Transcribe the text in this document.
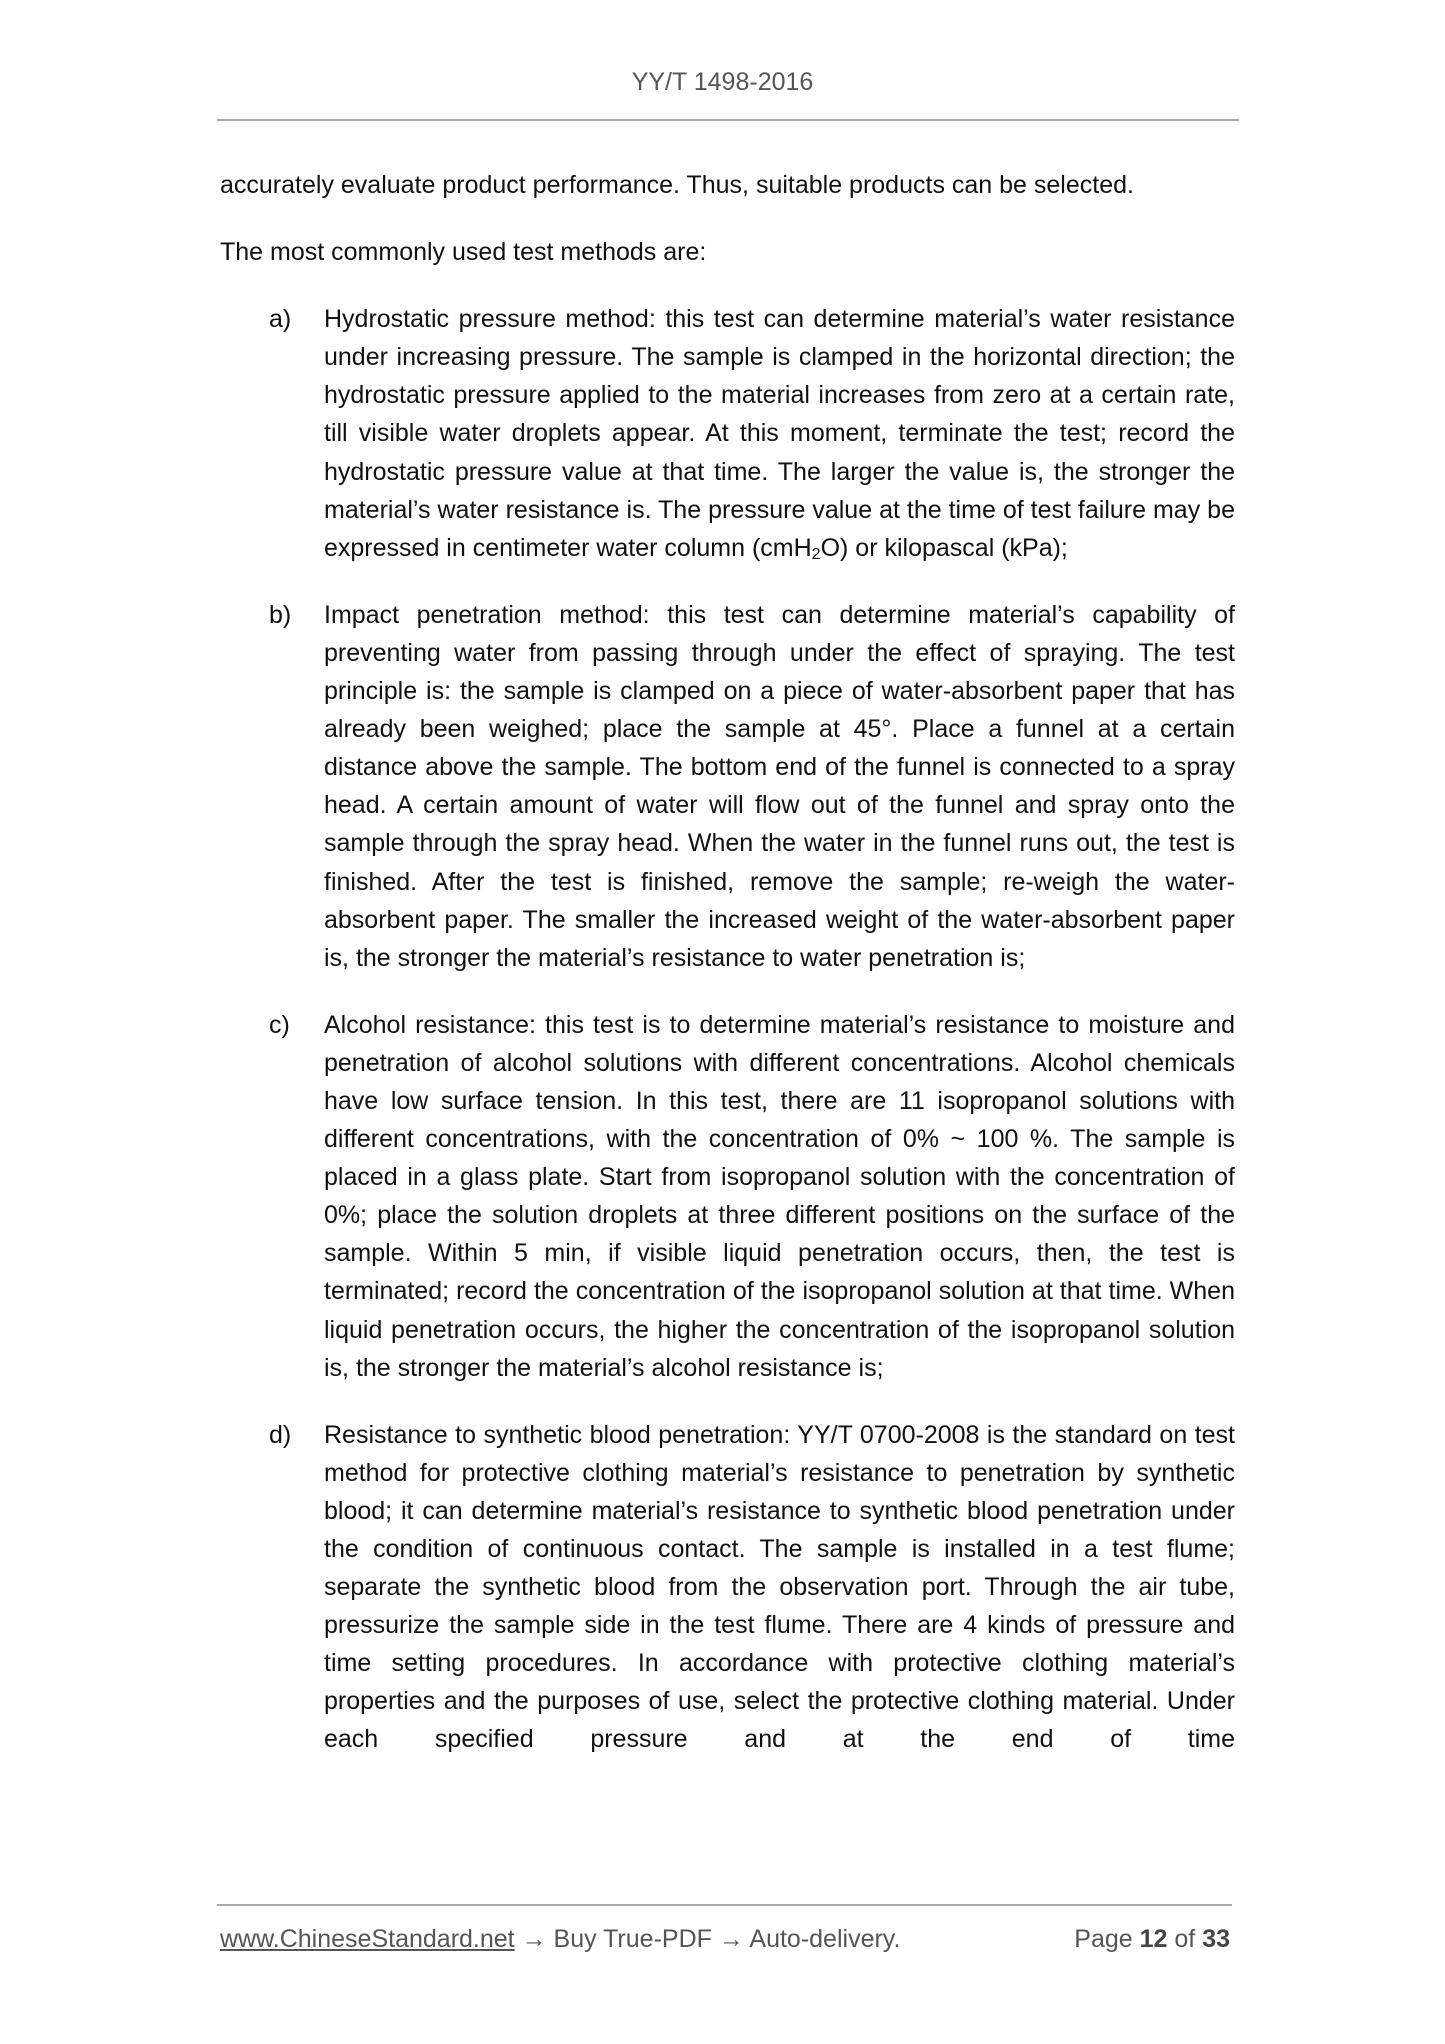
YY/T 1498-2016

accurately evaluate product performance. Thus, suitable products can be selected.

The most commonly used test methods are:

a) Hydrostatic pressure method: this test can determine material’s water resistance under increasing pressure. The sample is clamped in the horizontal direction; the hydrostatic pressure applied to the material increases from zero at a certain rate, till visible water droplets appear. At this moment, terminate the test; record the hydrostatic pressure value at that time. The larger the value is, the stronger the material’s water resistance is. The pressure value at the time of test failure may be expressed in centimeter water column (cmH$_2$O) or kilopascal (kPa);
b) Impact penetration method: this test can determine material’s capability of preventing water from passing through under the effect of spraying. The test principle is: the sample is clamped on a piece of water-absorbent paper that has already been weighed; place the sample at 45°. Place a funnel at a certain distance above the sample. The bottom end of the funnel is connected to a spray head. A certain amount of water will flow out of the funnel and spray onto the sample through the spray head. When the water in the funnel runs out, the test is finished. After the test is finished, remove the sample; re-weigh the water-absorbent paper. The smaller the increased weight of the water-absorbent paper is, the stronger the material’s resistance to water penetration is;
c) Alcohol resistance: this test is to determine material’s resistance to moisture and penetration of alcohol solutions with different concentrations. Alcohol chemicals have low surface tension. In this test, there are 11 isopropanol solutions with different concentrations, with the concentration of 0% ~ 100 %. The sample is placed in a glass plate. Start from isopropanol solution with the concentration of 0%; place the solution droplets at three different positions on the surface of the sample. Within 5 min, if visible liquid penetration occurs, then, the test is terminated; record the concentration of the isopropanol solution at that time. When liquid penetration occurs, the higher the concentration of the isopropanol solution is, the stronger the material’s alcohol resistance is;
d) Resistance to synthetic blood penetration: YY/T 0700-2008 is the standard on test method for protective clothing material’s resistance to penetration by synthetic blood; it can determine material’s resistance to synthetic blood penetration under the condition of continuous contact. The sample is installed in a test flume; separate the synthetic blood from the observation port. Through the air tube, pressurize the sample side in the test flume. There are 4 kinds of pressure and time setting procedures. In accordance with protective clothing material’s properties and the purposes of use, select the protective clothing material. Under each specified pressure and at the end of time
www.ChineseStandard.net → Buy True-PDF → Auto-delivery.	Page 12 of 33
